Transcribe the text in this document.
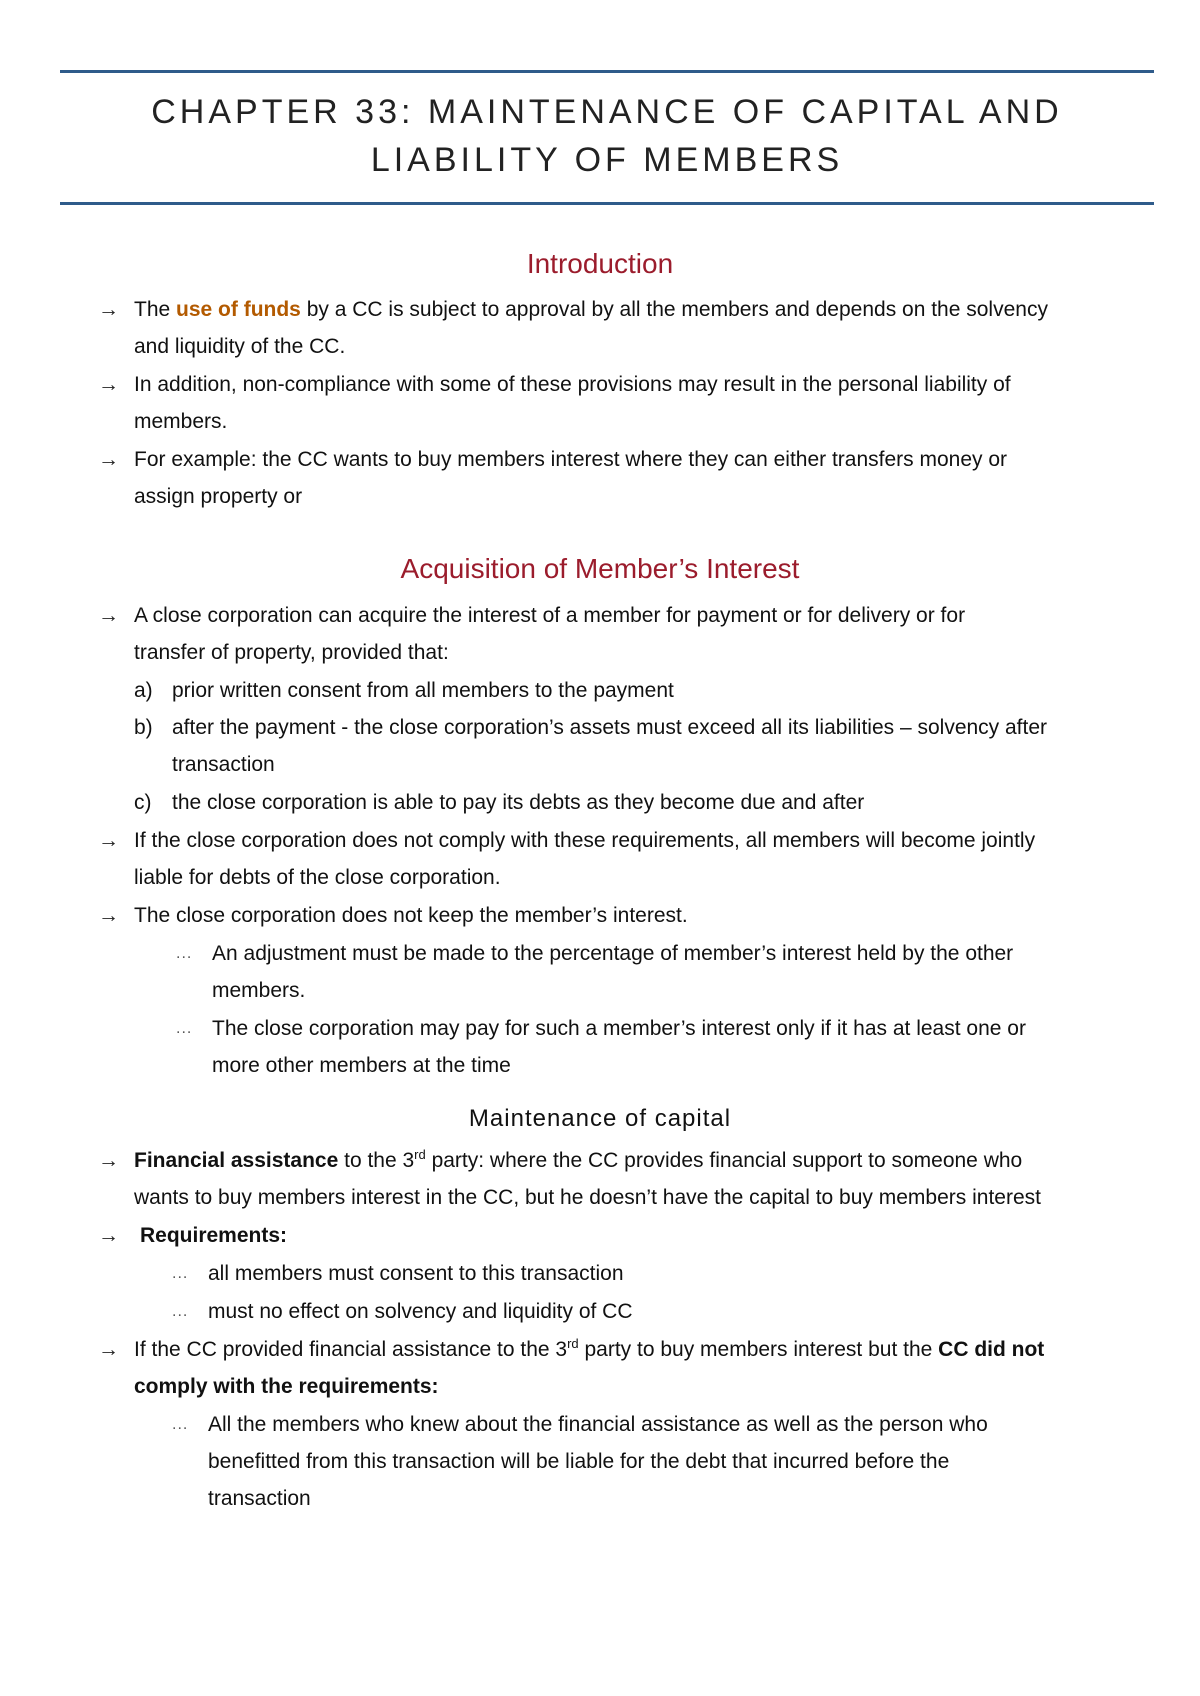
CHAPTER 33: MAINTENANCE OF CAPITAL AND
LIABILITY OF MEMBERS
Introduction
→ The use of funds by a CC is subject to approval by all the members and depends on the solvency
and liquidity of the CC.
→ In addition, non-compliance with some of these provisions may result in the personal liability of
members.
→ For example: the CC wants to buy members interest where they can either transfers money or
assign property or
Acquisition of Member’s Interest
→ A close corporation can acquire the interest of a member for payment or for delivery or for
transfer of property, provided that:
a) prior written consent from all members to the payment
b) after the payment - the close corporation’s assets must exceed all its liabilities – solvency after
transaction
c) the close corporation is able to pay its debts as they become due and after
→ If the close corporation does not comply with these requirements, all members will become jointly
liable for debts of the close corporation.
→ The close corporation does not keep the member’s interest.
... An adjustment must be made to the percentage of member’s interest held by the other
members.
... The close corporation may pay for such a member’s interest only if it has at least one or
more other members at the time
Maintenance of capital
→ Financial assistance to the 3rd party: where the CC provides financial support to someone who
wants to buy members interest in the CC, but he doesn’t have the capital to buy members interest
→ Requirements:
... all members must consent to this transaction
... must no effect on solvency and liquidity of CC
→ If the CC provided financial assistance to the 3rd party to buy members interest but the CC did not
comply with the requirements:
... All the members who knew about the financial assistance as well as the person who
benefitted from this transaction will be liable for the debt that incurred before the
transaction
